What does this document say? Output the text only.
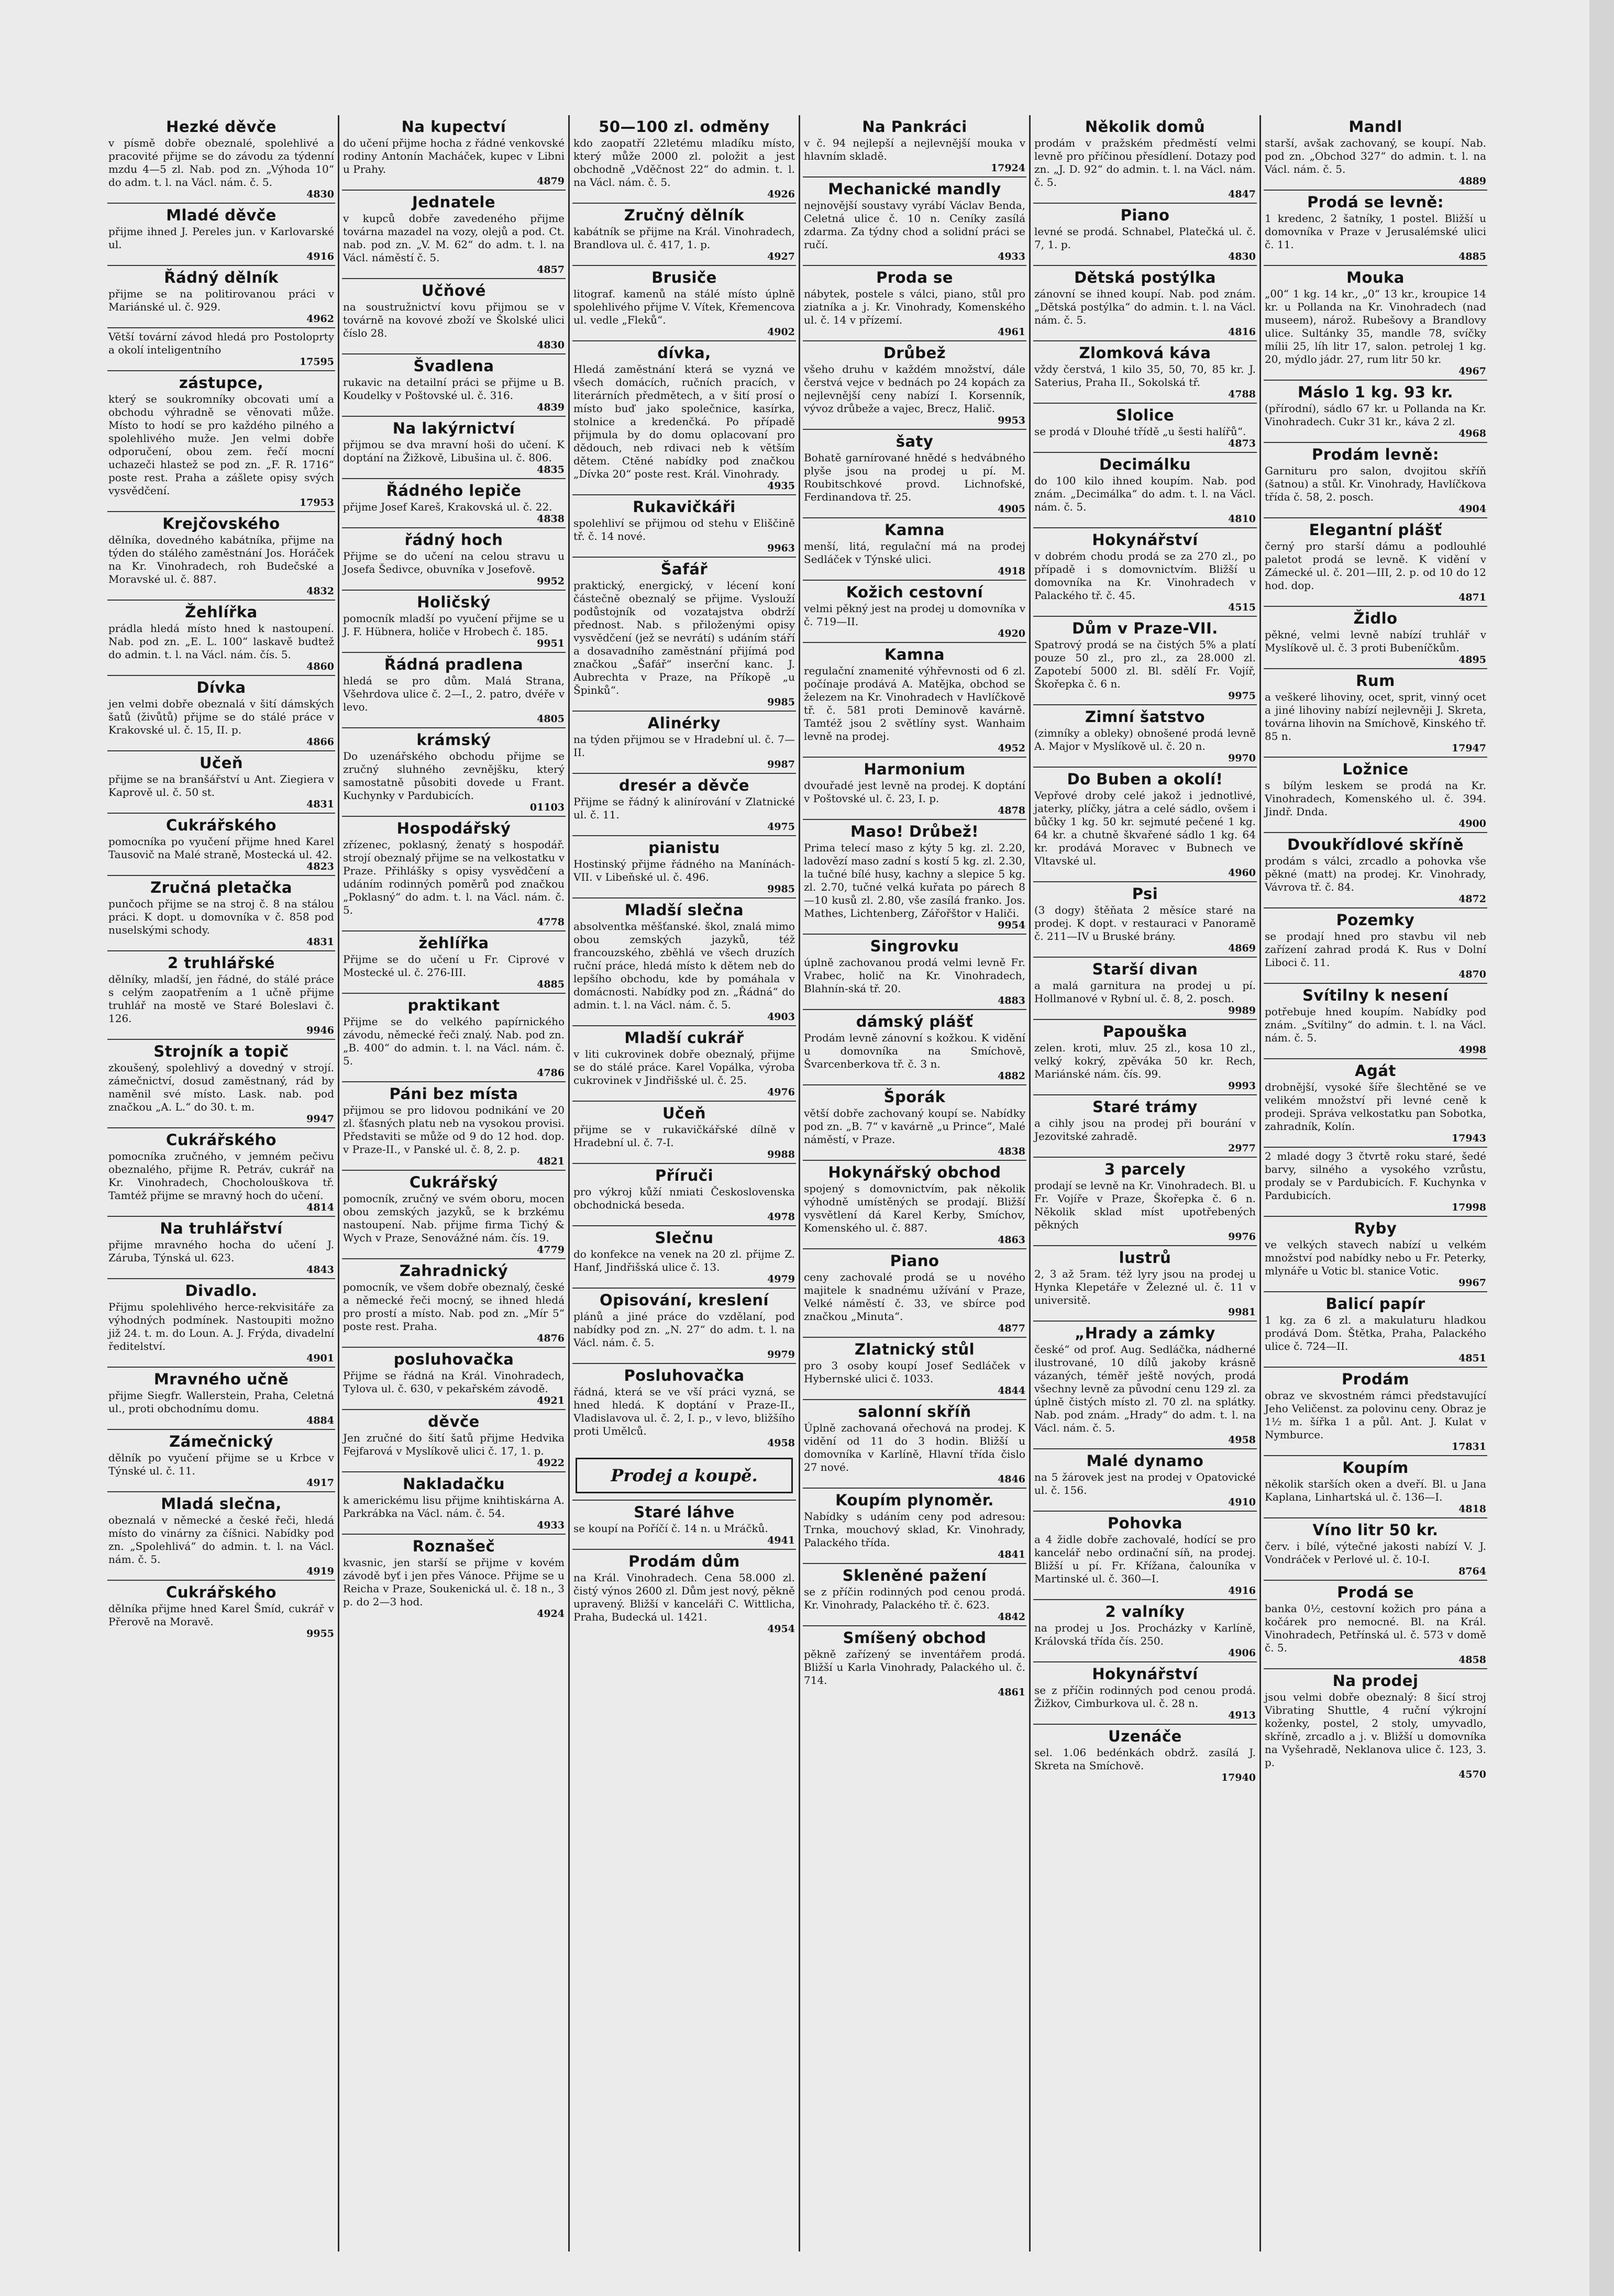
Hezké děvče

v písmě dobře obeznalé, spolehlivé a pracovité přijme se do závodu za týdenní mzdu 4—5 zl. Nab. pod zn. „Výhoda 10“ do adm. t. l. na Václ. nám. č. 5.

4830
Mladé děvče

přijme ihned J. Pereles jun. v Karlovarské ul.

4916
Řádný dělník

přijme se na politirovanou práci v Mariánské ul. č. 929.

4962

Větší tovární závod hledá pro Postoloprty a okolí inteligentního

17595
zástupce,

který se soukromníky obcovati umí a obchodu výhradně se věnovati může. Místo to hodí se pro každého pilného a spolehlivého muže. Jen velmi dobře odporučení, obou zem. řečí mocní uchazeči hlastež se pod zn. „F. R. 1716“ poste rest. Praha a zášlete opisy svých vysvědčení.

17953
Krejčovského

dělníka, dovedného kabátníka, přijme na týden do stálého zaměstnání Jos. Horáček na Kr. Vinohradech, roh Budečské a Moravské ul. č. 887.

4832
Žehlířka

prádla hledá místo hned k nastoupení. Nab. pod zn. „E. L. 100“ laskavě budtež do admin. t. l. na Václ. nám. čís. 5.

4860
Dívka

jen velmi dobře obeznalá v šití dámských šatů (živůtů) přijme se do stálé práce v Krakovské ul. č. 15, II. p.

4866
Učeň

přijme se na branšářství u Ant. Ziegiera v Kaprově ul. č. 50 st.

4831
Cukrářského

pomocníka po vyučení přijme hned Karel Tausovič na Malé straně, Mostecká ul. 42.

4823
Zručná pletačka

punčoch přijme se na stroj č. 8 na stálou práci. K dopt. u domovníka v č. 858 pod nuselskými schody.

4831
2 truhlářské

dělníky, mladší, jen řádné, do stálé práce s celým zaopatřením a 1 učně přijme truhlář na mostě ve Staré Boleslavi č. 126.

9946
Strojník a topič

zkoušený, spolehlivý a dovedný v strojí. zámečnictví, dosud zaměstnaný, rád by naměnil své místo. Lask. nab. pod značkou „A. L.“ do 30. t. m.

9947
Cukrářského

pomocníka zručného, v jemném pečivu obeznalého, přijme R. Petráv, cukrář na Kr. Vinohradech, Chocholouškova tř. Tamtéž přijme se mravný hoch do učení.

4814
Na truhlářství

přijme mravného hocha do učení J. Záruba, Týnská ul. 623.

4843
Divadlo.

Přijmu spolehlivého herce-rekvisitáře za výhodných podmínek. Nastoupiti možno již 24. t. m. do Loun. A. J. Frýda, divadelní ředitelství.

4901
Mravného učně

přijme Siegfr. Wallerstein, Praha, Celetná ul., proti obchodnímu domu.

4884
Zámečnický

dělník po vyučení přijme se u Krbce v Týnské ul. č. 11.

4917
Mladá slečna,

obeznalá v německé a české řeči, hledá místo do vinárny za číšnici. Nabídky pod zn. „Spolehlivá“ do admin. t. l. na Václ. nám. č. 5.

4919
Cukrářského

dělníka přijme hned Karel Šmíd, cukrář v Přerově na Moravě.

9955
Na kupectví

do učení přijme hocha z řádné venkovské rodiny Antonín Macháček, kupec v Libni u Prahy.

4879
Jednatele

v kupců dobře zavedeného přijme továrna mazadel na vozy, olejů a pod. Ct. nab. pod zn. „V. M. 62“ do adm. t. l. na Václ. náměstí č. 5.

4857
Učňové

na soustružnictví kovu přijmou se v továrně na kovové zboží ve Školské ulici číslo 28.

4830
Švadlena

rukavic na detailní práci se přijme u B. Koudelky v Poštovské ul. č. 316.

4839
Na lakýrnictví

přijmou se dva mravní hoši do učení. K doptání na Žižkově, Libušina ul. č. 806.

4835
Řádného lepiče

přijme Josef Kareš, Krakovská ul. č. 22.

4838
řádný hoch

Přijme se do učení na celou stravu u Josefa Šedivce, obuvníka v Josefově.

9952
Holičský

pomocník mladší po vyučení přijme se u J. F. Hübnera, holiče v Hrobech č. 185.

9951
Řádná pradlena

hledá se pro dům. Malá Strana, Všehrdova ulice č. 2—I., 2. patro, dvéře v levo.

4805
krámský

Do uzenářského obchodu přijme se zručný sluhného zevnějšku, který samostatně působiti dovede u Frant. Kuchynky v Pardubicích.

01103
Hospodářský

zřízenec, poklasný, ženatý s hospodář. strojí obeznalý přijme se na velkostatku v Praze. Přihlášky s opisy vysvědčení a udáním rodinných poměrů pod značkou „Poklasný“ do adm. t. l. na Václ. nám. č. 5.

4778
žehlířka

Přijme se do učení u Fr. Ciprové v Mostecké ul. č. 276-III.

4885
praktikant

Přijme se do velkého papírnického závodu, německé řeči znalý. Nab. pod zn. „B. 400“ do admin. t. l. na Václ. nám. č. 5.

4786
Páni bez místa

přijmou se pro lidovou podnikání ve 20 zl. šťasných platu neb na vysokou provisi. Představiti se může od 9 do 12 hod. dop. v Praze-II., v Panské ul. č. 8, 2. p.

4821
Cukrářský

pomocník, zručný ve svém oboru, mocen obou zemských jazyků, se k brzkému nastoupení. Nab. přijme firma Tichý & Wych v Praze, Senovážné nám. čís. 19.

4779
Zahradnický

pomocník, ve všem dobře obeznalý, české a německé řeči mocný, se ihned hledá pro prostí a místo. Nab. pod zn. „Mír 5“ poste rest. Praha.

4876
posluhovačka

Přijme se řádná na Král. Vinohradech, Tylova ul. č. 630, v pekařském závodě.

4921
děvče

Jen zručné do šití šatů přijme Hedvika Fejfarová v Myslíkově ulici č. 17, 1. p.

4922
Nakladačku

k americkému lisu přijme knihtiskárna A. Parkrábka na Václ. nám. č. 54.

4933
Roznašeč

kvasnic, jen starší se přijme v kovém závodě byť i jen přes Vánoce. Přijme se u Reicha v Praze, Soukenická ul. č. 18 n., 3 p. do 2—3 hod.

4924
50—100 zl. odměny

kdo zaopatří 22letému mladíku místo, který může 2000 zl. položit a jest obchodně „Vděčnost 22“ do admin. t. l. na Václ. nám. č. 5.

4926
Zručný dělník

kabátník se přijme na Král. Vinohradech, Brandlova ul. č. 417, 1. p.

4927
Brusiče

litograf. kamenů na stálé místo úplně spolehlivého přijme V. Vítek, Křemencova ul. vedle „Fleků“.

4902
dívka,

Hledá zaměstnání která se vyzná ve všech domácích, ručních pracích, v literárních předmětech, a v šití prosí o místo buď jako společnice, kasírka, stolnice a kredenčká. Po případě přijmula by do domu oplacovaní pro dědouch, neb rdivaci neb k větším dětem. Ctěné nabídky pod značkou „Dívka 20“ poste rest. Král. Vinohrady.

4935
Rukavičkáři

spolehliví se přijmou od stehu v Eliščině tř. č. 14 nové.

9963
Šafář

praktický, energický, v lécení koní částečně obeznalý se přijme. Vyslouží podůstojník od vozatajstva obdrží přednost. Nab. s přiloženými opisy vysvědčení (jež se nevrátí) s udáním stáří a dosavadního zaměstnání přijímá pod značkou „Šafář“ inserční kanc. J. Aubrechta v Praze, na Příkopě „u Špinků“.

9985
Alinérky

na týden přijmou se v Hradební ul. č. 7—II.

9987
dresér a děvče

Přijme se řádný k alinírování v Zlatnické ul. č. 11.

4975
pianistu

Hostinský přijme řádného na Manínách-VII. v Libeňské ul. č. 496.

9985
Mladší slečna

absolventka měšťanské. škol, znalá mimo obou zemských jazyků, též francouzského, zběhlá ve všech druzích ruční práce, hledá místo k dětem neb do lepšího obchodu, kde by pomáhala v domácnosti. Nabídky pod zn. „Řádná“ do admin. t. l. na Václ. nám. č. 5.

4903
Mladší cukrář

v liti cukrovinek dobře obeznalý, přijme se do stálé práce. Karel Vopálka, výroba cukrovinek v Jindřišské ul. č. 25.

4976
Učeň

přijme se v rukavičkářské dílně v Hradební ul. č. 7-I.

9988
Příruči

pro výkroj kůží nmiati Československa obchodnická beseda.

4978
Slečnu

do konfekce na venek na 20 zl. přijme Z. Hanf, Jindřišská ulice č. 13.

4979
Opisování, kreslení

plánů a jiné práce do vzdělaní, pod nabídky pod zn. „N. 27“ do adm. t. l. na Václ. nám. č. 5.

9979
Posluhovačka

řádná, která se ve vší práci vyzná, se hned hledá. K doptání v Praze-II., Vladislavova ul. č. 2, I. p., v levo, bližšího proti Umělců.

4958
Prodej a koupě.
Staré láhve

se koupí na Poříčí č. 14 n. u Mráčků.

4941
Prodám dům

na Král. Vinohradech. Cena 58.000 zl. čistý výnos 2600 zl. Dům jest nový, pěkně upravený. Bližší v kanceláři C. Wittlicha, Praha, Budecká ul. 1421.

4954
Na Pankráci

v č. 94 nejlepší a nejlevnější mouka v hlavním skladě.

17924
Mechanické mandly

nejnovější soustavy vyrábí Václav Benda, Celetná ulice č. 10 n. Ceníky zasílá zdarma. Za týdny chod a solidní práci se ručí.

4933
Proda se

nábytek, postele s válci, piano, stůl pro ziatníka a j. Kr. Vinohrady, Komenského ul. č. 14 v přízemí.

4961
Drůbež

všeho druhu v každém množství, dále čerstvá vejce v bednách po 24 kopách za nejlevnější ceny nabízí I. Korsenník, vývoz drůbeže a vajec, Brecz, Halič.

9953
šaty

Bohatě garnírované hnědé s hedvábného plyše jsou na prodej u pí. M. Roubitschkové provd. Lichnofské, Ferdinandova tř. 25.

4905
Kamna

menší, litá, regulační má na prodej Sedláček v Týnské ulici.

4918
Kožich cestovní

velmi pěkný jest na prodej u domovníka v č. 719—II.

4920
Kamna

regulační znamenité výhřevnosti od 6 zl. počínaje prodává A. Matějka, obchod se železem na Kr. Vinohradech v Havlíčkově tř. č. 581 proti Deminově kavárně. Tamtéž jsou 2 světlíny syst. Wanhaim levně na prodej.

4952
Harmonium

dvouřadé jest levně na prodej. K doptání v Poštovské ul. č. 23, I. p.

4878
Maso! Drůbež!

Prima telecí maso z kýty 5 kg. zl. 2.20, ladovězí maso zadní s kostí 5 kg. zl. 2.30, la tučné bílé husy, kachny a slepice 5 kg. zl. 2.70, tučné velká kuřata po párech 8—10 kusů zl. 2.80, vše zasílá franko. Jos. Mathes, Lichtenberg, Zářořštor v Haliči.

9954
Singrovku

úplně zachovanou prodá velmi levně Fr. Vrabec, holič na Kr. Vinohradech, Blahnín-ská tř. 20.

4883
dámský plášť

Prodám levně zánovní s kožkou. K vidění u domovníka na Smíchově, Švarcenberkova tř. č. 3 n.

4882
Šporák

větší dobře zachovaný koupí se. Nabídky pod zn. „B. 7“ v kavárně „u Prince“, Malé náměstí, v Praze.

4838
Hokynářský obchod

spojený s domovnictvím, pak několik výhodně umístěných se prodají. Bližší vysvětlení dá Karel Kerby, Smíchov, Komenského ul. č. 887.

4863
Piano

ceny zachovalé prodá se u nového majitele k snadnému užívání v Praze, Velké náměstí č. 33, ve sbírce pod značkou „Minuta“.

4877
Zlatnický stůl

pro 3 osoby koupí Josef Sedláček v Hybernské ulici č. 1033.

4844
salonní skříň

Úplně zachovaná ořechová na prodej. K vidění od 11 do 3 hodin. Bližší u domovníka v Karlíně, Hlavní třída čislo 27 nové.

4846
Koupím plynoměr.

Nabídky s udáním ceny pod adresou: Trnka, mouchový sklad, Kr. Vinohrady, Palackého třída.

4841
Skleněné pažení

se z příčin rodinných pod cenou prodá. Kr. Vinohrady, Palackého tř. č. 623.

4842
Smíšený obchod

pěkně zařízený se inventářem prodá. Bližší u Karla Vinohrady, Palackého ul. č. 714.

4861
Několik domů

prodám v pražském předměstí velmi levně pro příčinou přesídlení. Dotazy pod zn. „J. D. 92“ do admin. t. l. na Václ. nám. č. 5.

4847
Piano

levné se prodá. Schnabel, Platečká ul. č. 7, 1. p.

4830
Dětská postýlka

zánovní se ihned koupí. Nab. pod znám. „Dětská postýlka“ do admin. t. l. na Václ. nám. č. 5.

4816
Zlomková káva

vždy čerstvá, 1 kilo 35, 50, 70, 85 kr. J. Saterius, Praha II., Sokolská tř.

4788
Slolice

se prodá v Dlouhé třídě „u šesti halířů“.

4873
Decimálku

do 100 kilo ihned koupím. Nab. pod znám. „Decimálka“ do adm. t. l. na Václ. nám. č. 5.

4810
Hokynářství

v dobrém chodu prodá se za 270 zl., po případě i s domovnictvím. Bližší u domovníka na Kr. Vinohradech v Palackého tř. č. 45.

4515
Dům v Praze-VII.

Spatrový prodá se na čistých 5% a platí pouze 50 zl., pro zl., za 28.000 zl. Zapotebí 5000 zl. Bl. sdělí Fr. Vojíř, Škořepka č. 6 n.

9975
Zimní šatstvo

(zimníky a obleky) obnošené prodá levně A. Major v Myslíkově ul. č. 20 n.

9970
Do Buben a okolí!

Vepřové droby celé jakož i jednotlivé, jaterky, plíčky, játra a celé sádlo, ovšem i bůčky 1 kg. 50 kr. sejmuté pečené 1 kg. 64 kr. a chutně škvařené sádlo 1 kg. 64 kr. prodává Moravec v Bubnech ve Vltavské ul.

4960
Psi

(3 dogy) štěňata 2 měsíce staré na prodej. K dopt. v restauraci v Panoramě č. 211—IV u Bruské brány.

4869
Starší divan

a malá garnitura na prodej u pí. Hollmanové v Rybní ul. č. 8, 2. posch.

9989
Papouška

zelen. kroti, mluv. 25 zl., kosa 10 zl., velký kokrý, zpěváka 50 kr. Rech, Mariánské nám. čís. 99.

9993
Staré trámy

a cihly jsou na prodej při bourání v Jezovitské zahradě.

2977
3 parcely

prodají se levně na Kr. Vinohradech. Bl. u Fr. Vojíře v Praze, Škořepka č. 6 n. Několik sklad míst upotřebených pěkných

9976
lustrů

2, 3 až 5ram. též lyry jsou na prodej u Hynka Klepetáře v Železné ul. č. 11 v universitě.

9981
„Hrady a zámky

české“ od prof. Aug. Sedláčka, nádherné ilustrované, 10 dílů jakoby krásně vázaných, téměř ještě nových, prodá všechny levně za původní cenu 129 zl. za úplně čistých místo zl. 70 zl. na splátky. Nab. pod znám. „Hrady“ do adm. t. l. na Václ. nám. č. 5.

4958
Malé dynamo

na 5 žárovek jest na prodej v Opatovické ul. č. 156.

4910
Pohovka

a 4 židle dobře zachovalé, hodící se pro kancelář nebo ordinační síň, na prodej. Bližší u pí. Fr. Křížana, čalouníka v Martinské ul. č. 360—I.

4916
2 valníky

na prodej u Jos. Procházky v Karlíně, Královská třída čís. 250.

4906
Hokynářství

se z příčin rodinných pod cenou prodá. Žižkov, Cimburkova ul. č. 28 n.

4913
Uzenáče

sel. 1.06 bedénkách obdrž. zasílá J. Skreta na Smíchově.

17940
Mandl

starší, avšak zachovaný, se koupí. Nab. pod zn. „Obchod 327“ do admin. t. l. na Václ. nám. č. 5.

4889
Prodá se levně:

1 kredenc, 2 šatníky, 1 postel. Bližší u domovníka v Praze v Jerusalémské ulici č. 11.

4885
Mouka

„00“ 1 kg. 14 kr., „0“ 13 kr., kroupice 14 kr. u Pollanda na Kr. Vinohradech (nad museem), nárož. Rubešovy a Brandlovy ulice. Sultánky 35, mandle 78, svíčky mílii 25, líh litr 17, salon. petrolej 1 kg. 20, mýdlo jádr. 27, rum litr 50 kr.

4967
Máslo 1 kg. 93 kr.

(přírodní), sádlo 67 kr. u Pollanda na Kr. Vinohradech. Cukr 31 kr., káva 2 zl.

4968
Prodám levně:

Garnituru pro salon, dvojitou skříň (šatnou) a stůl. Kr. Vinohrady, Havlíčkova třída č. 58, 2. posch.

4904
Elegantní plášť

černý pro starší dámu a podlouhlé paletot prodá se levně. K vidění v Zámecké ul. č. 201—III, 2. p. od 10 do 12 hod. dop.

4871
Židlo

pěkné, velmi levně nabízí truhlář v Myslíkově ul. č. 3 proti Bubeníčkům.

4895
Rum

a veškeré lihoviny, ocet, sprit, vinný ocet a jiné lihoviny nabízí nejlevněji J. Skreta, továrna lihovin na Smíchově, Kinského tř. 85 n.

17947
Ložnice

s bílým leskem se prodá na Kr. Vinohradech, Komenského ul. č. 394. Jindř. Dnda.

4900
Dvoukřídlové skříně

prodám s válci, zrcadlo a pohovka vše pěkné (matt) na prodej. Kr. Vinohrady, Vávrova tř. č. 84.

4872
Pozemky

se prodají hned pro stavbu vil neb zařízení zahrad prodá K. Rus v Dolní Liboci č. 11.

4870
Svítilny k nesení

potřebuje hned koupím. Nabídky pod znám. „Svítilny“ do admin. t. l. na Václ. nám. č. 5.

4998
Agát

drobnější, vysoké šíře šlechtěné se ve velikém množství při levné ceně k prodeji. Správa velkostatku pan Sobotka, zahradník, Kolín.

17943

2 mladé dogy 3 čtvrtě roku staré, šedé barvy, silného a vysokého vzrůstu, prodaly se v Pardubicích. F. Kuchynka v Pardubicích.

17998
Ryby

ve velkých stavech nabízí u velkém množství pod nabídky nebo u Fr. Peterky, mlynáře u Votic bl. stanice Votic.

9967
Balicí papír

1 kg. za 6 zl. a makulaturu hladkou prodává Dom. Štětka, Praha, Palackého ulice č. 724—II.

4851
Prodám

obraz ve skvostném rámci představující Jeho Veličenst. za polovinu ceny. Obraz je 1½ m. šířka 1 a půl. Ant. J. Kulat v Nymburce.

17831
Koupím

několik starších oken a dveří. Bl. u Jana Kaplana, Linhartská ul. č. 136—I.

4818
Víno litr 50 kr.

červ. i bílé, výtečné jakosti nabízí V. J. Vondráček v Perlové ul. č. 10-I.

8764
Prodá se

banka 0½, cestovní kožich pro pána a kočárek pro nemocné. Bl. na Král. Vinohradech, Petřínská ul. č. 573 v domě č. 5.

4858
Na prodej

jsou velmi dobře obeznalý: 8 šicí stroj Vibrating Shuttle, 4 ruční výkrojní koženky, postel, 2 stoly, umyvadlo, skříně, zrcadlo a j. v. Bližší u domovníka na Vyšehradě, Neklanova ulice č. 123, 3. p.

4570
